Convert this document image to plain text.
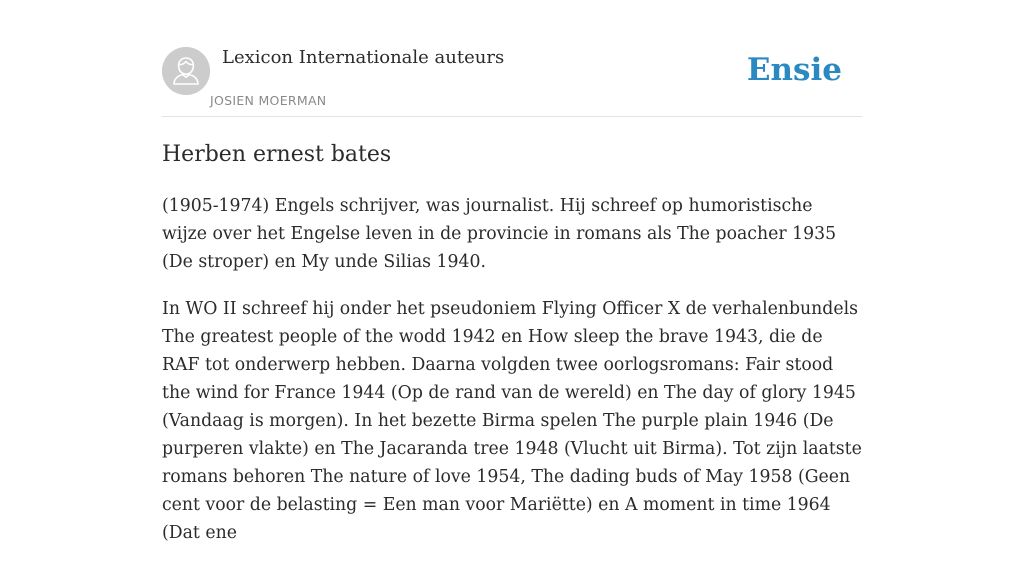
Lexicon Internationale auteurs
JOSIEN MOERMAN
Ensie
Herben ernest bates

(1905-1974) Engels schrijver, was journalist. Hij schreef op humoristische wijze over het Engelse leven in de provincie in romans als The poacher 1935 (De stroper) en My unde Silias 1940.

In WO II schreef hij onder het pseudoniem Flying Officer X de verhalenbundels The greatest people of the wodd 1942 en How sleep the brave 1943, die de RAF tot onderwerp hebben. Daarna volgden twee oorlogsromans: Fair stood the wind for France 1944 (Op de rand van de wereld) en The day of glory 1945 (Vandaag is morgen). In het bezette Birma spelen The purple plain 1946 (De purperen vlakte) en The Jacaranda tree 1948 (Vlucht uit Birma). Tot zijn laatste romans behoren The nature of love 1954, The dading buds of May 1958 (Geen cent voor de belasting = Een man voor Mariëtte) en A moment in time 1964 (Dat ene
